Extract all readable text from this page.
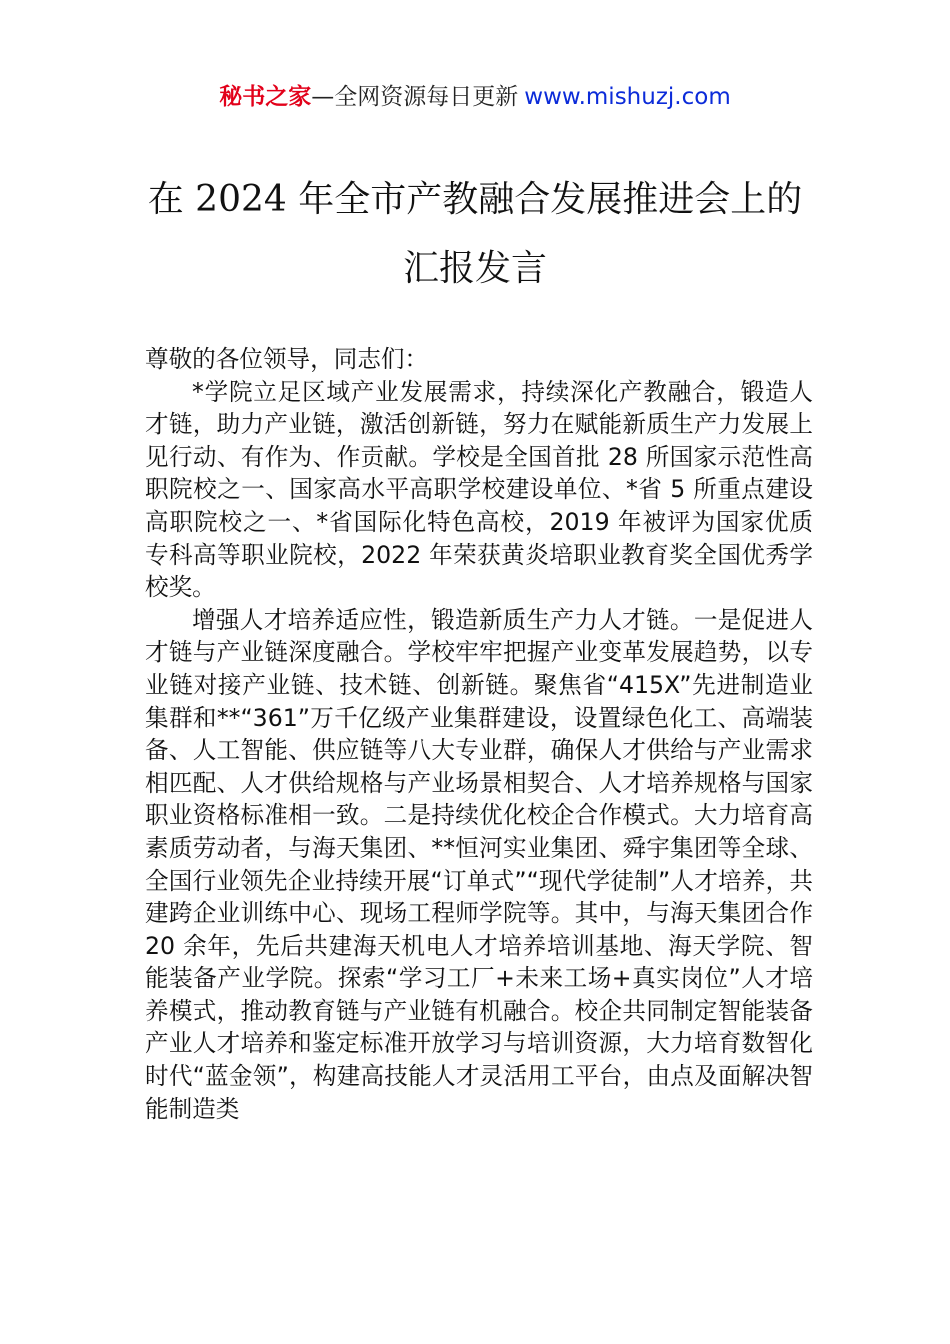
秘书之家—全网资源每日更新 www.mishuzj.com
在 2024 年全市产教融合发展推进会上的
汇报发言

尊敬的各位领导，同志们：

*学院立足区域产业发展需求，持续深化产教融合，锻造人才链，助力产业链，激活创新链，努力在赋能新质生产力发展上见行动、有作为、作贡献。学校是全国首批 28 所国家示范性高职院校之一、国家高水平高职学校建设单位、*省 5 所重点建设高职院校之一、*省国际化特色高校，2019 年被评为国家优质专科高等职业院校，2022 年荣获黄炎培职业教育奖全国优秀学校奖。

增强人才培养适应性，锻造新质生产力人才链。一是促进人才链与产业链深度融合。学校牢牢把握产业变革发展趋势，以专业链对接产业链、技术链、创新链。聚焦省“415X”先进制造业集群和**“361”万千亿级产业集群建设，设置绿色化工、高端装备、人工智能、供应链等八大专业群，确保人才供给与产业需求相匹配、人才供给规格与产业场景相契合、人才培养规格与国家职业资格标准相一致。二是持续优化校企合作模式。大力培育高素质劳动者，与海天集团、**恒河实业集团、舜宇集团等全球、全国行业领先企业持续开展“订单式”“现代学徒制”人才培养，共建跨企业训练中心、现场工程师学院等。其中，与海天集团合作 20 余年，先后共建海天机电人才培养培训基地、海天学院、智能装备产业学院。探索“学习工厂+未来工场+真实岗位”人才培养模式，推动教育链与产业链有机融合。校企共同制定智能装备产业人才培养和鉴定标准开放学习与培训资源，大力培育数智化时代“蓝金领”，构建高技能人才灵活用工平台，由点及面解决智能制造类
